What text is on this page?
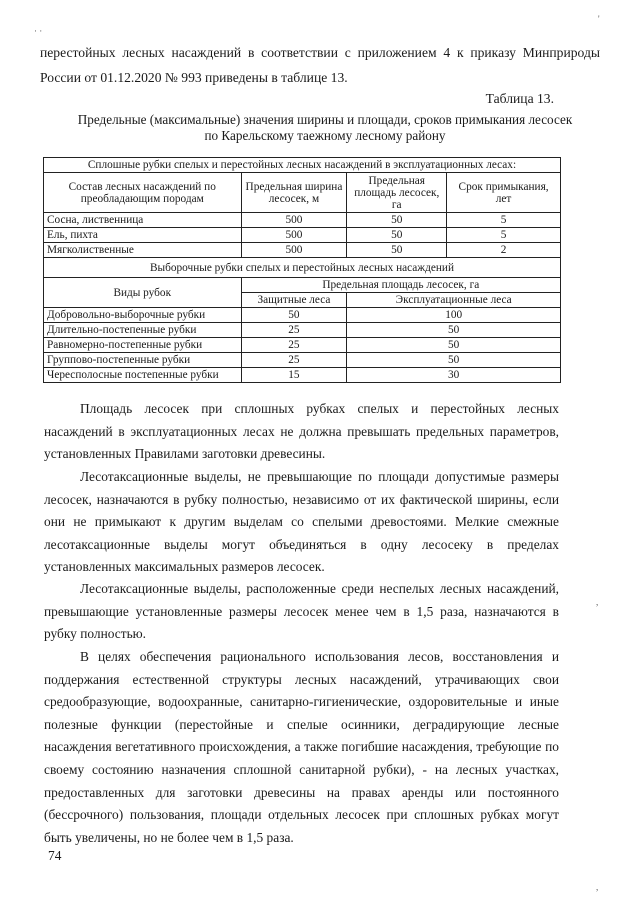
· ·
'
перестойных лесных насаждений в соответствии с приложением 4 к приказу Минприроды
России от 01.12.2020 № 993 приведены в таблице 13.
Таблица 13.
Предельные (максимальные) значения ширины и площади, сроков примыкания лесосек
по Карельскому таежному лесному району
Сплошные рубки спелых и перестойных лесных насаждений в эксплуатационных лесах:			
Состав лесных насаждений по преобладающим породам	Предельная ширина лесосек, м	Предельная площадь лесосек, га	Срок примыкания, лет
Сосна, лиственница	500	50	5
Ель, пихта	500	50	5
Мягколиственные	500	50	2
Выборочные рубки спелых и перестойных лесных насаждений			
Виды рубок	Предельная площадь лесосек, га		
	Защитные леса	Эксплуатационные леса	
Добровольно-выборочные рубки	50	100	
Длительно-постепенные рубки	25	50	
Равномерно-постепенные рубки	25	50	
Группово-постепенные рубки	25	50	
Чересполосные постепенные рубки	15	30	
Площадь лесосек при сплошных рубках спелых и перестойных лесных насаждений в эксплуатационных лесах не должна превышать предельных параметров, установленных Правилами заготовки древесины.
Лесотаксационные выделы, не превышающие по площади допустимые размеры лесосек, назначаются в рубку полностью, независимо от их фактической ширины, если они не примыкают к другим выделам со спелыми древостоями. Мелкие смежные лесотаксационные выделы могут объединяться в одну лесосеку в пределах установленных максимальных размеров лесосек.
Лесотаксационные выделы, расположенные среди неспелых лесных насаждений, превышающие установленные размеры лесосек менее чем в 1,5 раза, назначаются в рубку полностью.
В целях обеспечения рационального использования лесов, восстановления и поддержания естественной структуры лесных насаждений, утрачивающих свои средообразующие, водоохранные, санитарно-гигиенические, оздоровительные и иные полезные функции (перестойные и спелые осинники, деградирующие лесные насаждения вегетативного происхождения, а также погибшие насаждения, требующие по своему состоянию назначения сплошной санитарной рубки), - на лесных участках, предоставленных для заготовки древесины на правах аренды или постоянного (бессрочного) пользования, площади отдельных лесосек при сплошных рубках могут быть увеличены, но не более чем в 1,5 раза.
74
,
,
